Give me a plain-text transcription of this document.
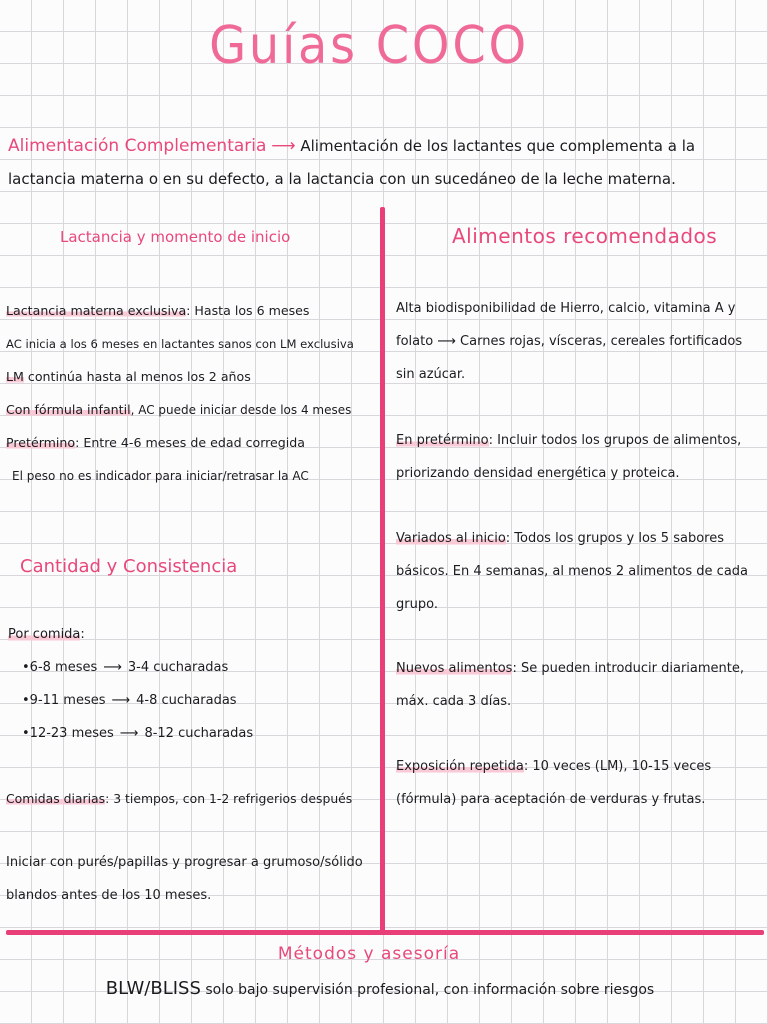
Guías COCO
Alimentación Complementaria ⟶ Alimentación de los lactantes que complementa a la lactancia materna o en su defecto, a la lactancia con un sucedáneo de la leche materna.
Lactancia y momento de inicio
Lactancia materna exclusiva: Hasta los 6 meses
AC inicia a los 6 meses en lactantes sanos con LM exclusiva
LM continúa hasta al menos los 2 años
Con fórmula infantil, AC puede iniciar desde los 4 meses
Pretérmino: Entre 4-6 meses de edad corregida
El peso no es indicador para iniciar/retrasar la AC
Cantidad y Consistencia
Por comida:
•6-8 meses ⟶ 3-4 cucharadas
•9-11 meses ⟶ 4-8 cucharadas
•12-23 meses ⟶ 8-12 cucharadas
Comidas diarias: 3 tiempos, con 1-2 refrigerios después
Iniciar con purés/papillas y progresar a grumoso/sólido blandos antes de los 10 meses.
Alimentos recomendados
Alta biodisponibilidad de Hierro, calcio, vitamina A y folato ⟶ Carnes rojas, vísceras, cereales fortificados sin azúcar.
En pretérmino: Incluir todos los grupos de alimentos, priorizando densidad energética y proteica.
Variados al inicio: Todos los grupos y los 5 sabores básicos. En 4 semanas, al menos 2 alimentos de cada grupo.
Nuevos alimentos: Se pueden introducir diariamente, máx. cada 3 días.
Exposición repetida: 10 veces (LM), 10-15 veces (fórmula) para aceptación de verduras y frutas.
Métodos y asesoría
BLW/BLISS solo bajo supervisión profesional, con información sobre riesgos
